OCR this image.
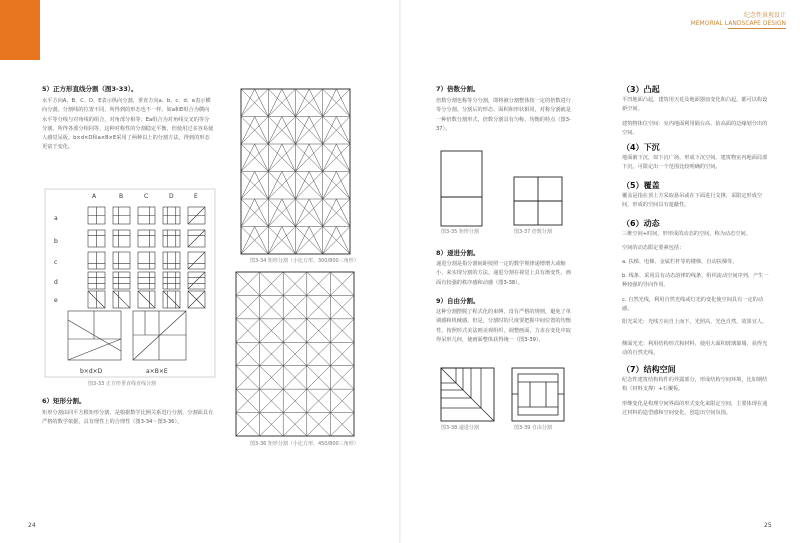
纪念性景观设计
MEMORIAL LANDSCAPE DESIGN
5）正方形直线分割（图3-33）。
水平方向A、B、C、D、E表示纵向分割，垂直方向a、b、c、d、e表示横向分割。分割线的位置不同，所得到的形态也不一样。如a和E组合为横向水平等分线与对角线的组合，对角部分相等；Ea组合为对角线交叉的等分分割。所得各部分相同等，这种对称性的分割稳定平衡，但使用过多容易使人感觉呆板。b×d×D和a×B×E采用了两种以上的分割方法，得到的形态更富于变化。
A	B	C	D	E
a
b
c
d
e
b×d×D	a×B×E
图3-33 正方形垂直线直线分割
6）矩形分割。
矩形分割由同平方根矩形分割，是根据数学比例关系进行分割，分割面具有严格的数学依据，具有理性上的合理性（图3-34～图3-36）。
图3-34 矩形分割（小比方形，300/800三角形）
图3-36 矩形分割（小比方形，450/800三角形）
24
7）倍数分割。
倍数分割也称等分分割，即将被分割整体按一定的倍数进行等分分割。分割后的形态、面积和形状相同，对称分割就是一种倍数分割形式，倍数分割具有匀称、均衡的特点（图3-37）。
图3-35 矩形分割	图3-37 倍数分割
8）递进分割。
递进分割是指分割间距按照一定的数学规律递增增大或缩小，来实现分割的方法。递进分割在视觉上具有渐变性，画面有较强的秩序感和动感（图3-38）。
9）自由分割。
这种分割摆脱了程式化的束缚，没有严格的规则，避免了单调感和机械感。但是，分割时的尺度要把握中间位置的均衡性，按照形式美法则美观组织，调整画面，力求在变化中取得呆形几何，使画面整体获得统一（图3-39）。
图3-38 递进分割	图3-39 自由分割
（3）凸起
平凹地面凸起，建筑用天花及地面器皿变化和凸起，都可以构设新空间。
建筑物体位空间：室内地面利用隔台高、抬高面的边缘划分出的空间。
（4）下沉
地面被下沉，如下沉广场，形成下沉空间。建筑物室内地面局部下沉，可限定出一个范围比较明确的空间。
（5）覆盖
覆盖是指在顶上方采取悬吊或在下面进行支撑，采限定形成空间，形成的空间具有遮蔽性。
（6）动态
三维空间+时间，形形成的动态的空间，称为动态空间。
空间的动态限定要素包括：
a. 扶梯、电梯、金属栏杆等的楼梯，自动扶梯等。
b. 线条、采用具有动态韵律的线条，组织流动空间序列，产生一种较强的导向作用。
c. 自然光线，利用自然光线或灯光的变化使空间具有一定的动感。
阳光采光：光线方向自上而下，光照高，光色自然，效果宜人。
侧面光光：利用结构形式和材料，使用大面积玻璃幕墙，获得光动的自然光线。
（7）结构空间
纪念性建筑结构构件的外露部分，形成结构空间环境，比如钢结构（材料支撑）+石覆板。
形继变化是构理空间界面的形式变化来限定空间，主要体现在通过材料的造型感和空间变化，创造出空间氛围。
25
